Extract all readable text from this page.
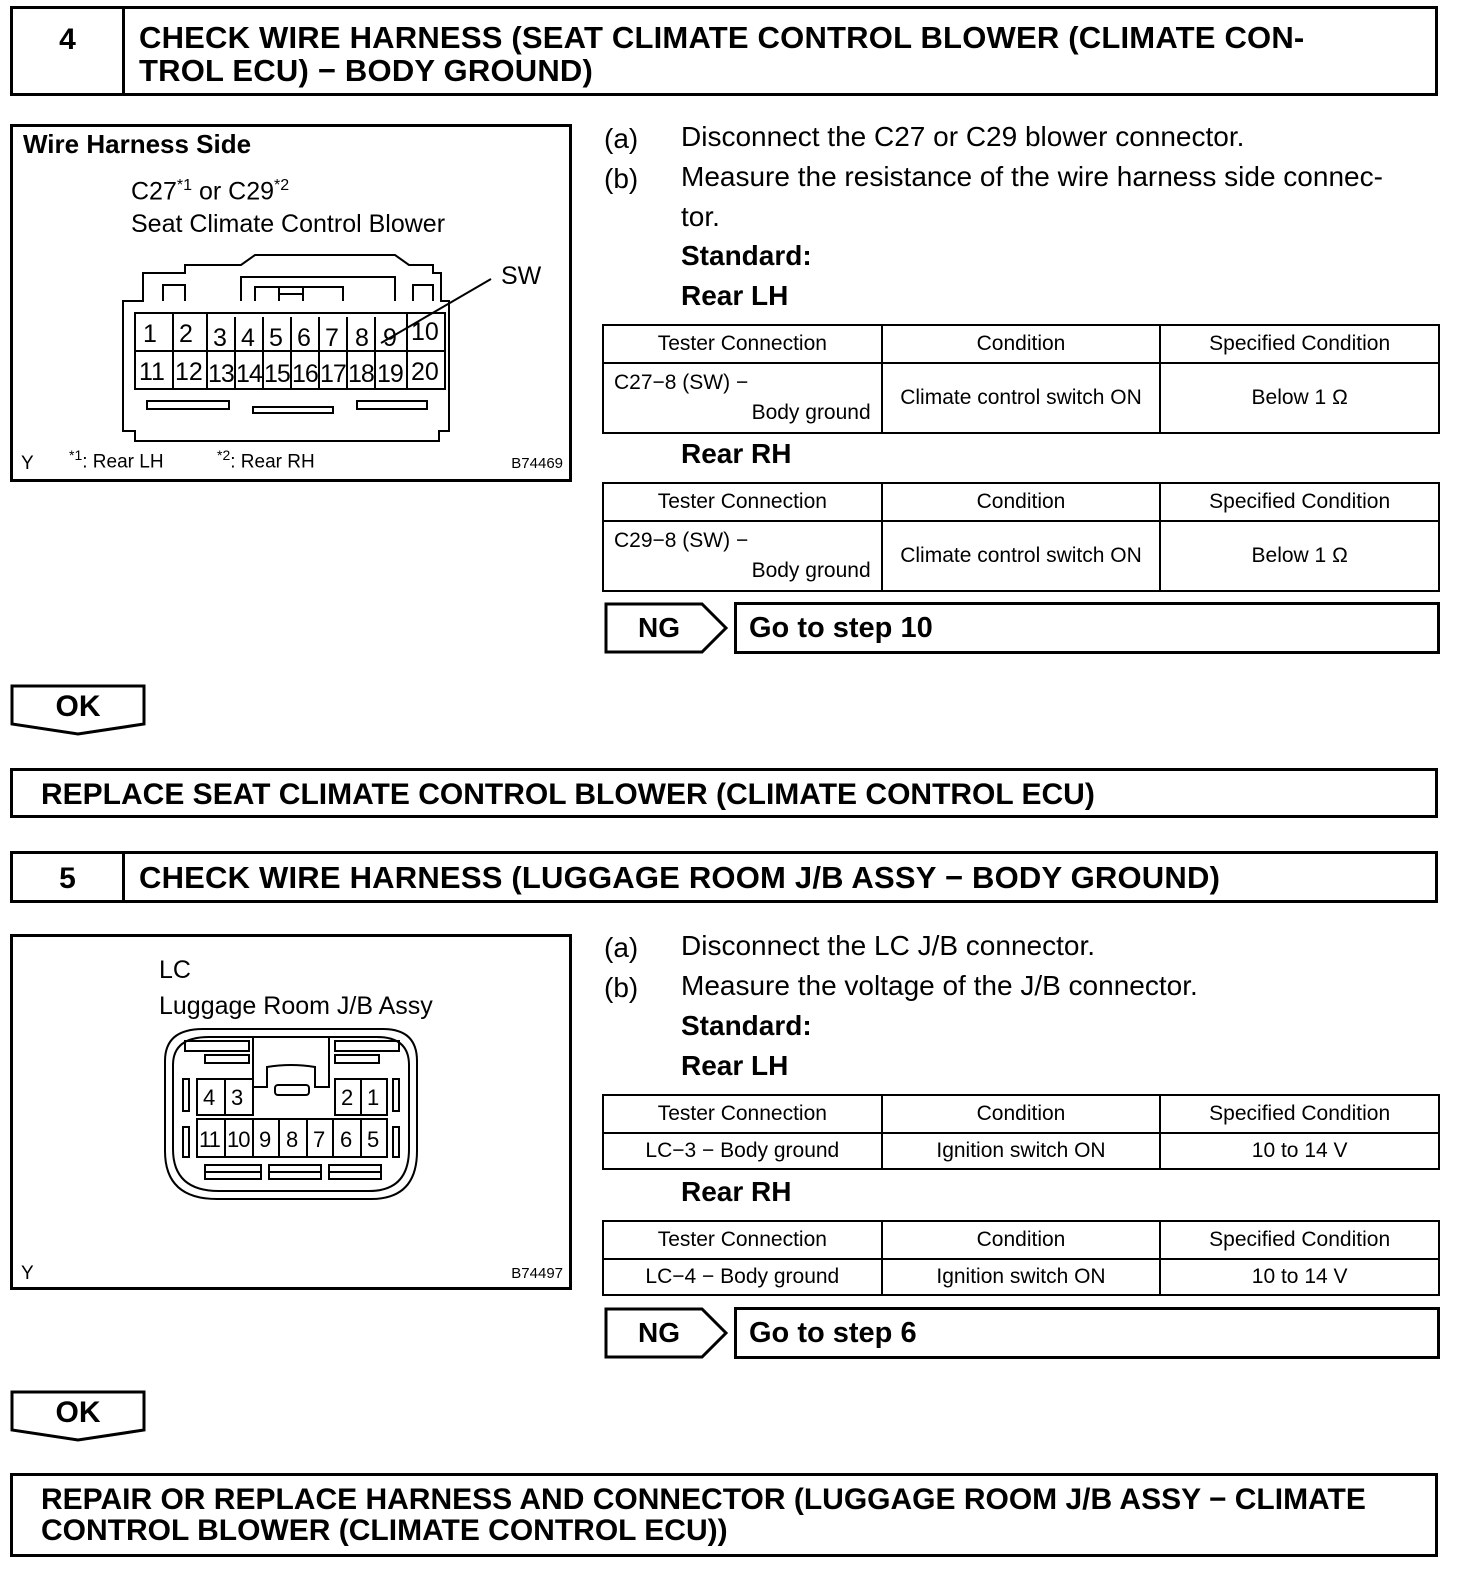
4	CHECK WIRE HARNESS (SEAT CLIMATE CONTROL BLOWER (CLIMATE CON-
TROL ECU) − BODY GROUND)
Wire Harness Side
C27$^{*1}$ or C29$^{*2}$
Seat Climate Control Blower
SW
1 2 3 4 5 6 7 8 9 10
11 12 13 14 15 16 17 18 19 20
Y	$^{*1}$: Rear LH	$^{*2}$: Rear RH	B74469
(a) Disconnect the C27 or C29 blower connector.
(b) Measure the resistance of the wire harness side connec-
tor.
Standard:
Rear LH
Tester Connection	Condition	Specified Condition

C27−8 (SW) −
Body ground	Climate control switch ON	Below 1 Ω
Rear RH
Tester Connection	Condition	Specified Condition

C29−8 (SW) −
Body ground	Climate control switch ON	Below 1 Ω
NG	Go to step 10
OK
REPLACE SEAT CLIMATE CONTROL BLOWER (CLIMATE CONTROL ECU)
5	CHECK WIRE HARNESS (LUGGAGE ROOM J/B ASSY − BODY GROUND)
LC
Luggage Room J/B Assy
4 3	2 1
11 10 9 8 7 6 5
Y	B74497
(a) Disconnect the LC J/B connector.
(b) Measure the voltage of the J/B connector.
Standard:
Rear LH
Tester Connection	Condition	Specified Condition
LC−3 − Body ground	Ignition switch ON	10 to 14 V
Rear RH
Tester Connection	Condition	Specified Condition
LC−4 − Body ground	Ignition switch ON	10 to 14 V
NG	Go to step 6
OK
REPAIR OR REPLACE HARNESS AND CONNECTOR (LUGGAGE ROOM J/B ASSY − CLIMATE
CONTROL BLOWER (CLIMATE CONTROL ECU))
